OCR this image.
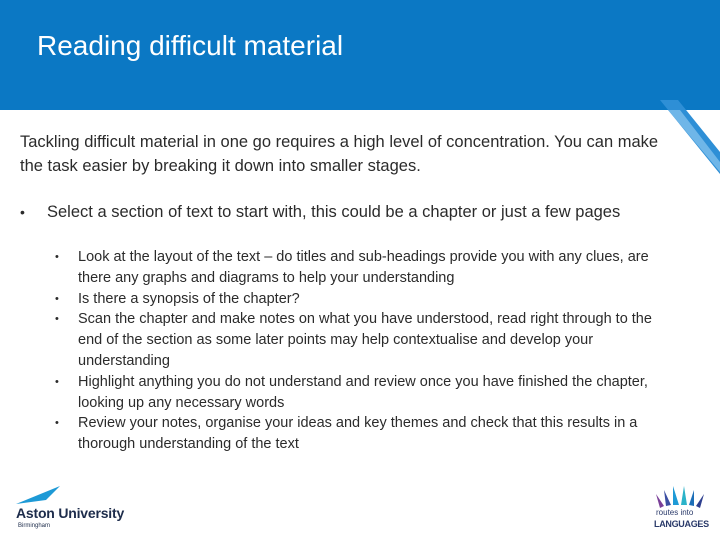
Reading difficult material
Tackling difficult material in one go requires a high level of concentration. You can make the task easier by breaking it down into smaller stages.
• Select a section of text to start with, this could be a chapter or just a few pages
• Look at the layout of the text – do titles and sub-headings provide you with any clues, are there any graphs and diagrams to help your understanding
• Is there a synopsis of the chapter?
• Scan the chapter and make notes on what you have understood, read right through to the end of the section as some later points may help contextualise and develop your understanding
• Highlight anything you do not understand and review once you have finished the chapter, looking up any necessary words
• Review your notes, organise your ideas and key themes and check that this results in a thorough understanding of the text
Aston University
Birmingham
routes into
LANGUAGES
